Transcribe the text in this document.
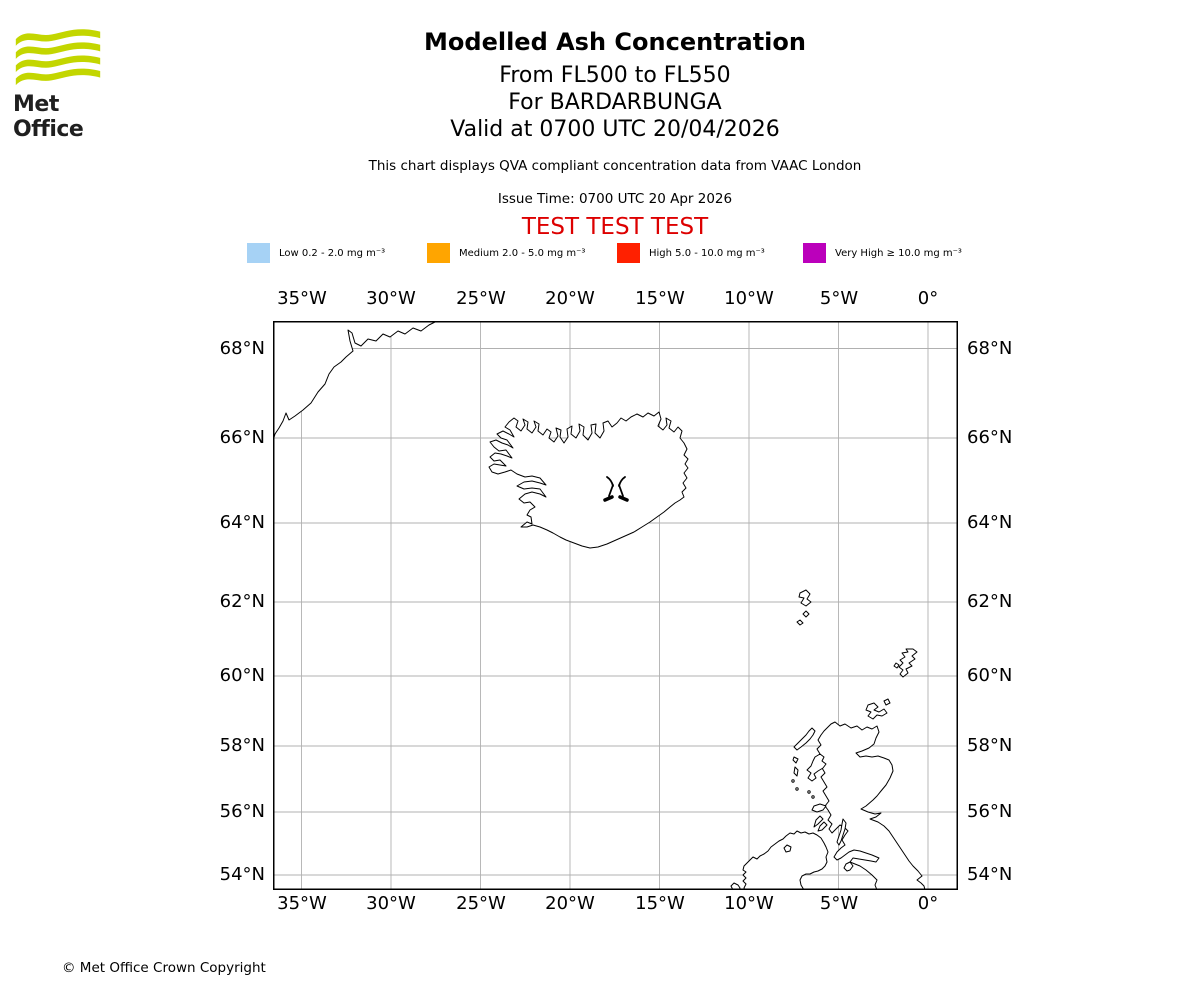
Met Office
Modelled Ash Concentration
From FL500 to FL550
For BARDARBUNGA
Valid at 0700 UTC 20/04/2026
This chart displays QVA compliant concentration data from VAAC London
Issue Time: 0700 UTC 20 Apr 2026
TEST TEST TEST
Low 0.2 - 2.0 mg m⁻³	Medium 2.0 - 5.0 mg m⁻³	High 5.0 - 10.0 mg m⁻³	Very High ≥ 10.0 mg m⁻³
35°W	30°W	25°W	20°W	15°W	10°W	5°W	0°
35°W	30°W	25°W	20°W	15°W	10°W	5°W	0°
68°N
66°N
64°N
62°N
60°N
58°N
56°N
54°N
68°N
66°N
64°N
62°N
60°N
58°N
56°N
54°N
© Met Office Crown Copyright
